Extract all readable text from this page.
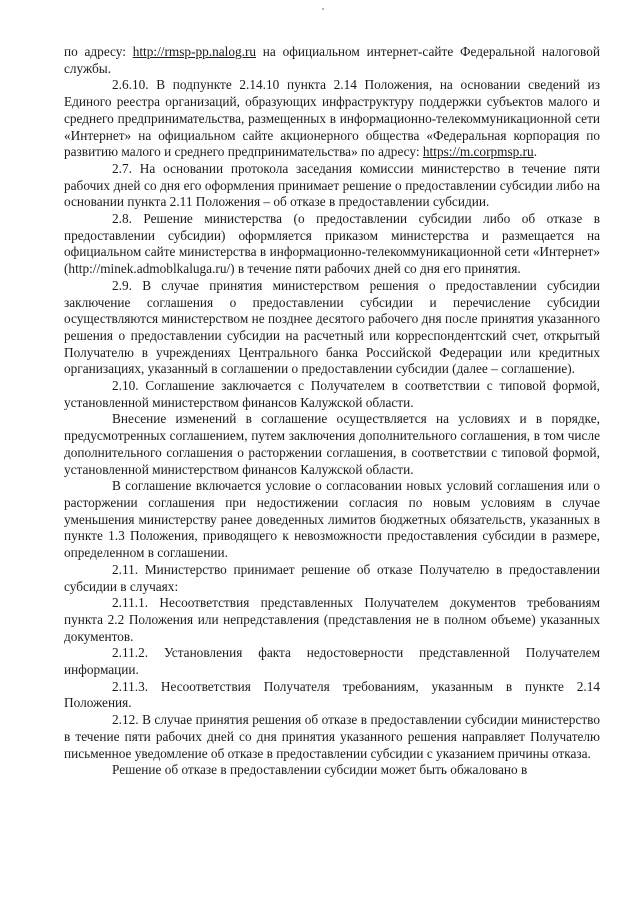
по адресу: http://rmsp-pp.nalog.ru на официальном интернет-сайте Федеральной налоговой службы.

2.6.10. В подпункте 2.14.10 пункта 2.14 Положения, на основании сведений из Единого реестра организаций, образующих инфраструктуру поддержки субъектов малого и среднего предпринимательства, размещенных в информационно-телекоммуникационной сети «Интернет» на официальном сайте акционерного общества «Федеральная корпорация по развитию малого и среднего предпринимательства» по адресу: https://m.corpmsp.ru.

2.7. На основании протокола заседания комиссии министерство в течение пяти рабочих дней со дня его оформления принимает решение о предоставлении субсидии либо на основании пункта 2.11 Положения – об отказе в предоставлении субсидии.

2.8. Решение министерства (о предоставлении субсидии либо об отказе в предоставлении субсидии) оформляется приказом министерства и размещается на официальном сайте министерства в информационно-телекоммуникационной сети «Интернет» (http://minek.admoblkaluga.ru/) в течение пяти рабочих дней со дня его принятия.

2.9. В случае принятия министерством решения о предоставлении субсидии заключение соглашения о предоставлении субсидии и перечисление субсидии осуществляются министерством не позднее десятого рабочего дня после принятия указанного решения о предоставлении субсидии на расчетный или корреспондентский счет, открытый Получателю в учреждениях Центрального банка Российской Федерации или кредитных организациях, указанный в соглашении о предоставлении субсидии (далее – соглашение).

2.10. Соглашение заключается с Получателем в соответствии с типовой формой, установленной министерством финансов Калужской области.

Внесение изменений в соглашение осуществляется на условиях и в порядке, предусмотренных соглашением, путем заключения дополнительного соглашения, в том числе дополнительного соглашения о расторжении соглашения, в соответствии с типовой формой, установленной министерством финансов Калужской области.

В соглашение включается условие о согласовании новых условий соглашения или о расторжении соглашения при недостижении согласия по новым условиям в случае уменьшения министерству ранее доведенных лимитов бюджетных обязательств, указанных в пункте 1.3 Положения, приводящего к невозможности предоставления субсидии в размере, определенном в соглашении.

2.11. Министерство принимает решение об отказе Получателю в предоставлении субсидии в случаях:

2.11.1. Несоответствия представленных Получателем документов требованиям пункта 2.2 Положения или непредставления (представления не в полном объеме) указанных документов.

2.11.2. Установления факта недостоверности представленной Получателем информации.

2.11.3. Несоответствия Получателя требованиям, указанным в пункте 2.14 Положения.

2.12. В случае принятия решения об отказе в предоставлении субсидии министерство в течение пяти рабочих дней со дня принятия указанного решения направляет Получателю письменное уведомление об отказе в предоставлении субсидии с указанием причины отказа.

Решение об отказе в предоставлении субсидии может быть обжаловано в
